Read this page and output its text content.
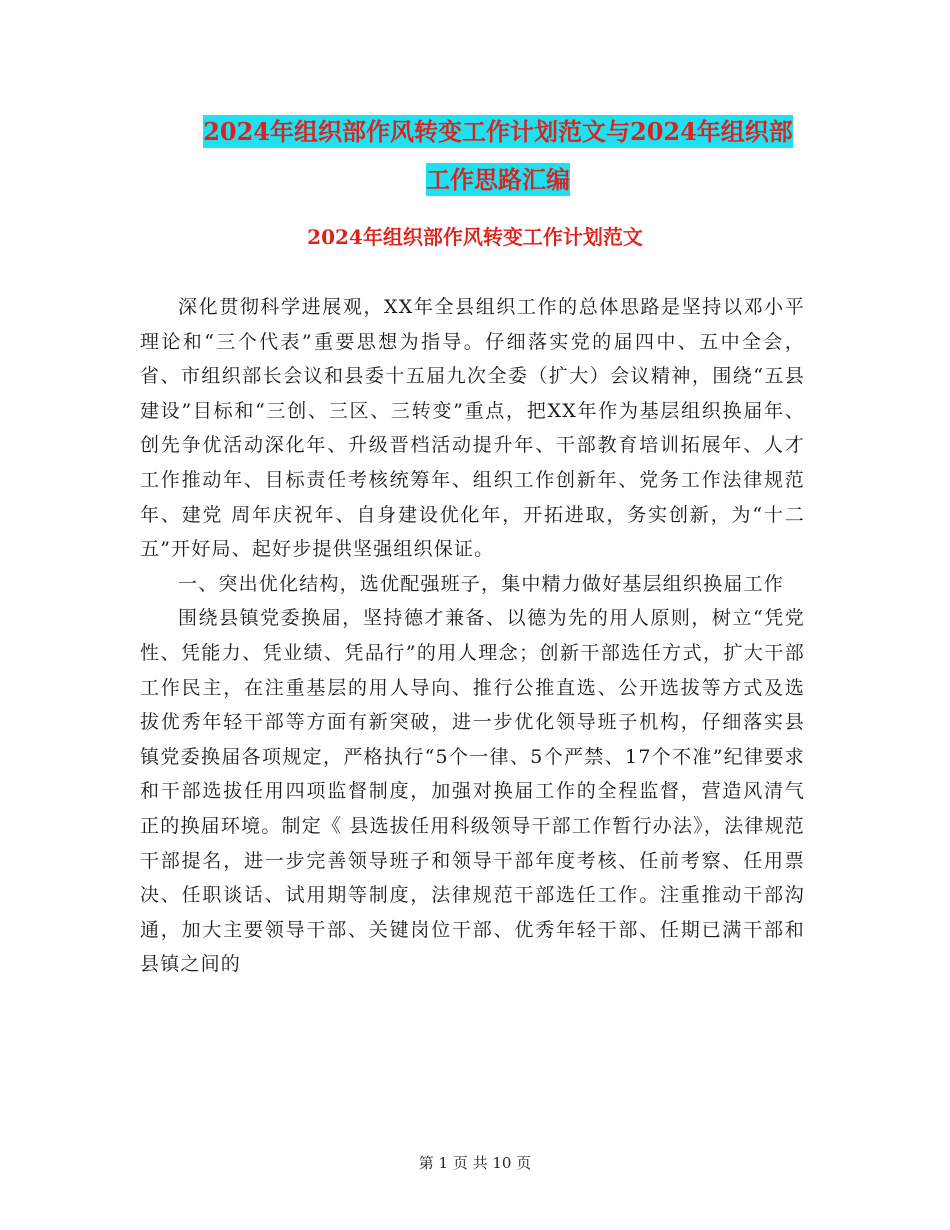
2024年组织部作风转变工作计划范文与2024年组织部
工作思路汇编
2024年组织部作风转变工作计划范文

深化贯彻科学进展观，XX年全县组织工作的总体思路是坚持以邓小平理论和“三个代表”重要思想为指导。仔细落实党的届四中、五中全会，省、市组织部长会议和县委十五届九次全委（扩大）会议精神，围绕“五县建设”目标和“三创、三区、三转变”重点，把XX年作为基层组织换届年、创先争优活动深化年、升级晋档活动提升年、干部教育培训拓展年、人才工作推动年、目标责任考核统筹年、组织工作创新年、党务工作法律规范年、建党 周年庆祝年、自身建设优化年，开拓进取，务实创新，为“十二五”开好局、起好步提供坚强组织保证。

一、突出优化结构，选优配强班子，集中精力做好基层组织换届工作

围绕县镇党委换届，坚持德才兼备、以德为先的用人原则，树立“凭党性、凭能力、凭业绩、凭品行”的用人理念；创新干部选任方式，扩大干部工作民主，在注重基层的用人导向、推行公推直选、公开选拔等方式及选拔优秀年轻干部等方面有新突破，进一步优化领导班子机构，仔细落实县镇党委换届各项规定，严格执行“5个一律、5个严禁、17个不准”纪律要求和干部选拔任用四项监督制度，加强对换届工作的全程监督，营造风清气正的换届环境。制定《 县选拔任用科级领导干部工作暂行办法》，法律规范干部提名，进一步完善领导班子和领导干部年度考核、任前考察、任用票决、任职谈话、试用期等制度，法律规范干部选任工作。注重推动干部沟通，加大主要领导干部、关键岗位干部、优秀年轻干部、任期已满干部和县镇之间的

第 1 页 共 10 页
